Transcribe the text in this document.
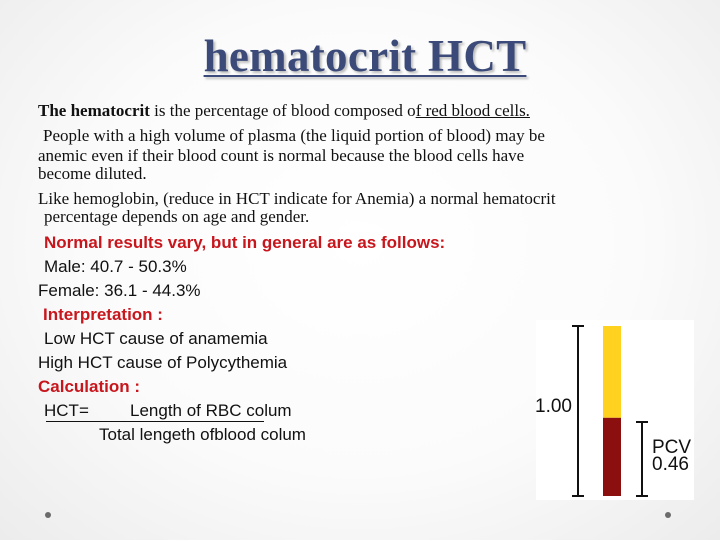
hematocrit HCT
The hematocrit is the percentage of blood composed of red blood cells.
People with a high volume of plasma (the liquid portion of blood) may be
anemic even if their blood count is normal because the blood cells have
become diluted.
Like hemoglobin, (reduce in HCT indicate for Anemia) a normal hematocrit
percentage depends on age and gender.
Normal results vary, but in general are as follows:
Male: 40.7 - 50.3%
Female: 36.1 - 44.3%
Interpretation :
Low HCT cause of anamemia
High HCT cause of Polycythemia
Calculation :
HCT= Length of RBC colum
Total lengeth ofblood colum
PCV
0.46
1.00
